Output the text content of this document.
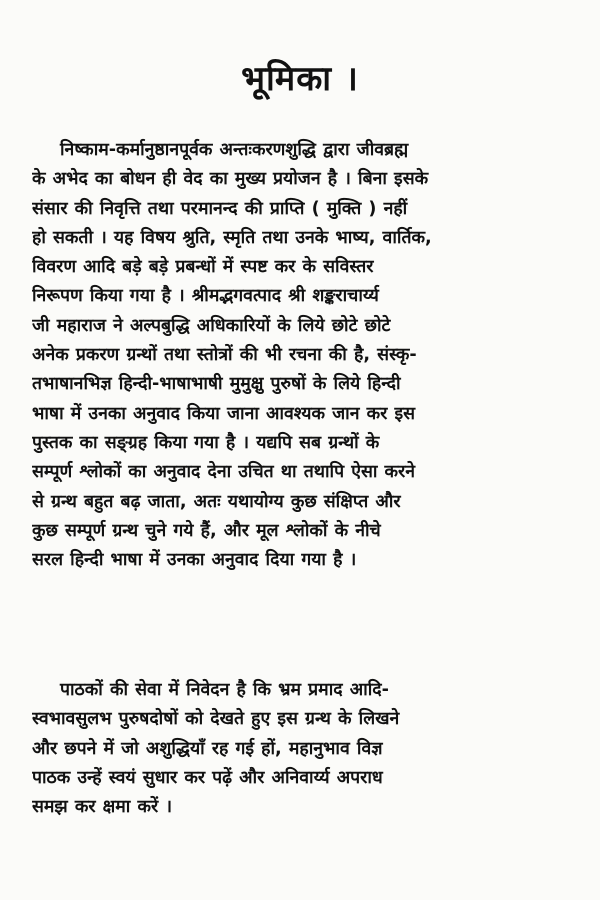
भूमिका ।

निष्काम-कर्मानुष्ठानपूर्वक अन्तःकरणशुद्धि द्वारा जीवब्रह्म
के अभेद का बोधन ही वेद का मुख्य प्रयोजन है । बिना इसके
संसार की निवृत्ति तथा परमानन्द की प्राप्ति ( मुक्ति ) नहीं
हो सकती । यह विषय श्रुति, स्मृति तथा उनके भाष्य, वार्तिक,
विवरण आदि बड़े बड़े प्रबन्धों में स्पष्ट कर के सविस्तर
निरूपण किया गया है । श्रीमद्भगवत्पाद श्री शङ्कराचार्य्य
जी महाराज ने अल्पबुद्धि अधिकारियों के लिये छोटे छोटे
अनेक प्रकरण ग्रन्थों तथा स्तोत्रों की भी रचना की है, संस्कृ-
तभाषानभिज्ञ हिन्दी-भाषाभाषी मुमुक्षु पुरुषों के लिये हिन्दी
भाषा में उनका अनुवाद किया जाना आवश्यक जान कर इस
पुस्तक का सङ्ग्रह किया गया है । यद्यपि सब ग्रन्थों के
सम्पूर्ण श्लोकों का अनुवाद देना उचित था तथापि ऐसा करने
से ग्रन्थ बहुत बढ़ जाता, अतः यथायोग्य कुछ संक्षिप्त और
कुछ सम्पूर्ण ग्रन्थ चुने गये हैं, और मूल श्लोकों के नीचे
सरल हिन्दी भाषा में उनका अनुवाद दिया गया है ।

पाठकों की सेवा में निवेदन है कि भ्रम प्रमाद आदि-
स्वभावसुलभ पुरुषदोषों को देखते हुए इस ग्रन्थ के लिखने
और छपने में जो अशुद्धियाँ रह गई हों, महानुभाव विज्ञ
पाठक उन्हें स्वयं सुधार कर पढ़ें और अनिवार्य्य अपराध
समझ कर क्षमा करें ।
